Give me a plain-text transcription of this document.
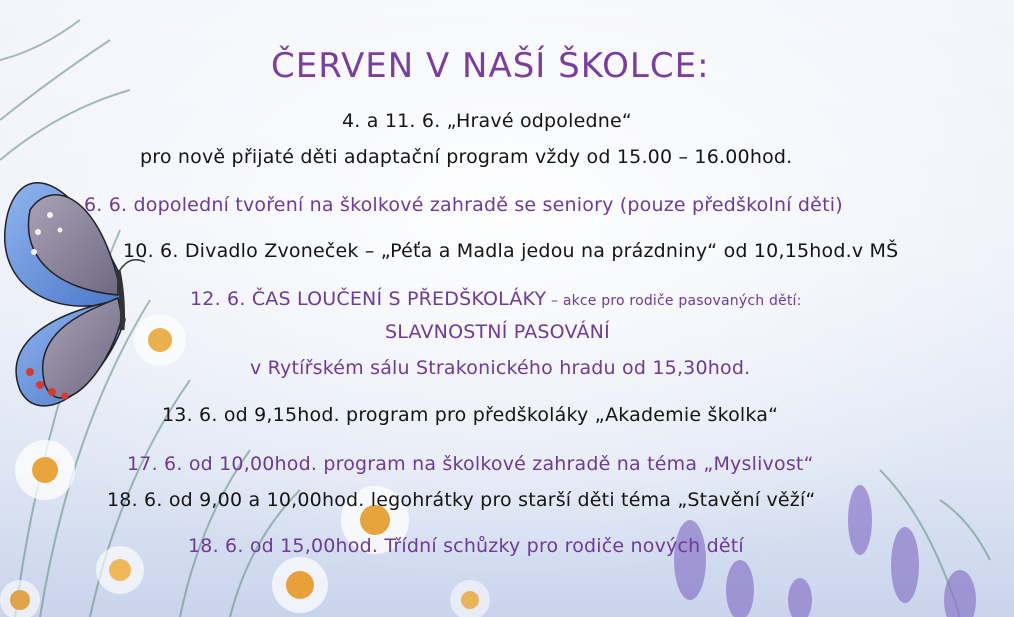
ČERVEN V NAŠÍ ŠKOLCE:
4. a 11. 6. „Hravé odpoledne“
pro nově přijaté děti adaptační program vždy od 15.00 – 16.00hod.
6. 6. dopolední tvoření na školkové zahradě se seniory (pouze předškolní děti)
10. 6. Divadlo Zvoneček – „Péťa a Madla jedou na prázdniny“ od 10,15hod.v MŠ
12. 6. ČAS LOUČENÍ S PŘEDŠKOLÁKY – akce pro rodiče pasovaných dětí:
SLAVNOSTNÍ PASOVÁNÍ
v Rytířském sálu Strakonického hradu od 15,30hod.
13. 6. od 9,15hod. program pro předškoláky „Akademie školka“
17. 6. od 10,00hod. program na školkové zahradě na téma „Myslivost“
18. 6. od 9,00 a 10,00hod. legohrátky pro starší děti téma „Stavění věží“
18. 6. od 15,00hod. Třídní schůzky pro rodiče nových dětí
